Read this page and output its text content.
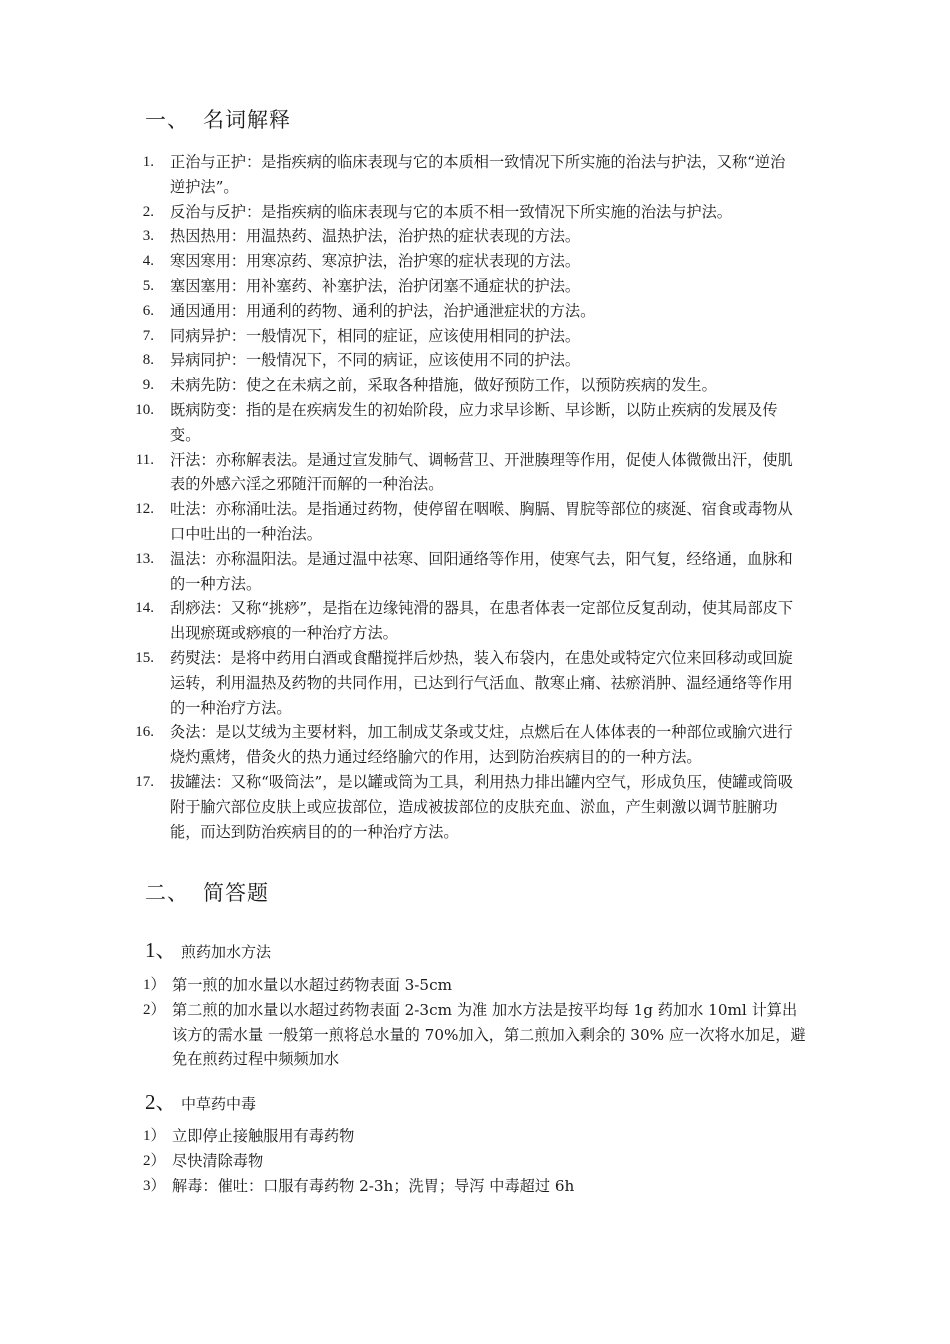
一、 名词解释
1. 正治与正护：是指疾病的临床表现与它的本质相一致情况下所实施的治法与护法，又称“逆治逆护法”。
2. 反治与反护：是指疾病的临床表现与它的本质不相一致情况下所实施的治法与护法。
3. 热因热用：用温热药、温热护法，治护热的症状表现的方法。
4. 寒因寒用：用寒凉药、寒凉护法，治护寒的症状表现的方法。
5. 塞因塞用：用补塞药、补塞护法，治护闭塞不通症状的护法。
6. 通因通用：用通利的药物、通利的护法，治护通泄症状的方法。
7. 同病异护：一般情况下，相同的症证，应该使用相同的护法。
8. 异病同护：一般情况下，不同的病证，应该使用不同的护法。
9. 未病先防：使之在未病之前，采取各种措施，做好预防工作，以预防疾病的发生。
10. 既病防变：指的是在疾病发生的初始阶段，应力求早诊断、早诊断，以防止疾病的发展及传变。
11. 汗法：亦称解表法。是通过宣发肺气、调畅营卫、开泄腠理等作用，促使人体微微出汗，使肌表的外感六淫之邪随汗而解的一种治法。
12. 吐法：亦称涌吐法。是指通过药物，使停留在咽喉、胸膈、胃脘等部位的痰涎、宿食或毒物从口中吐出的一种治法。
13. 温法：亦称温阳法。是通过温中祛寒、回阳通络等作用，使寒气去，阳气复，经络通，血脉和的一种方法。
14. 刮痧法：又称“挑痧”，是指在边缘钝滑的器具，在患者体表一定部位反复刮动，使其局部皮下出现瘀斑或痧痕的一种治疗方法。
15. 药熨法：是将中药用白酒或食醋搅拌后炒热，装入布袋内，在患处或特定穴位来回移动或回旋运转，利用温热及药物的共同作用，已达到行气活血、散寒止痛、祛瘀消肿、温经通络等作用的一种治疗方法。
16. 灸法：是以艾绒为主要材料，加工制成艾条或艾炷，点燃后在人体体表的一种部位或腧穴进行烧灼熏烤，借灸火的热力通过经络腧穴的作用，达到防治疾病目的的一种方法。
17. 拔罐法：又称“吸筒法”，是以罐或筒为工具，利用热力排出罐内空气，形成负压，使罐或筒吸附于腧穴部位皮肤上或应拔部位，造成被拔部位的皮肤充血、淤血，产生刺激以调节脏腑功能，而达到防治疾病目的的一种治疗方法。
二、 简答题
1、 煎药加水方法
1） 第一煎的加水量以水超过药物表面 3-5cm
2） 第二煎的加水量以水超过药物表面 2-3cm 为准 加水方法是按平均每 1g 药加水 10ml 计算出该方的需水量 一般第一煎将总水量的 70%加入，第二煎加入剩余的 30% 应一次将水加足，避免在煎药过程中频频加水
2、 中草药中毒
1） 立即停止接触服用有毒药物
2） 尽快清除毒物
3） 解毒：催吐：口服有毒药物 2-3h；洗胃；导泻 中毒超过 6h
